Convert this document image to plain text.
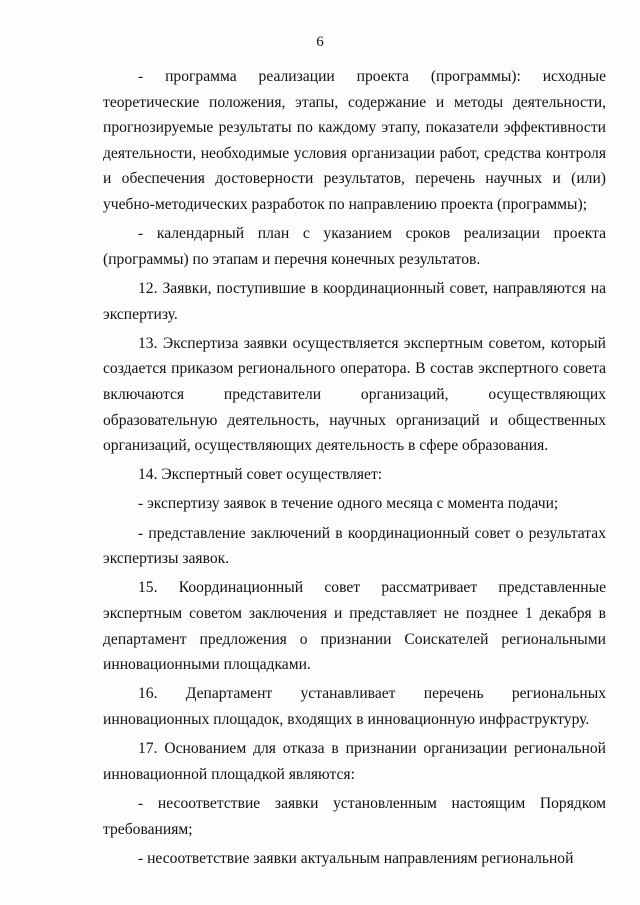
6

- программа реализации проекта (программы): исходные теоретические положения, этапы, содержание и методы деятельности, прогнозируемые результаты по каждому этапу, показатели эффективности деятельности, необходимые условия организации работ, средства контроля и обеспечения достоверности результатов, перечень научных и (или) учебно-методических разработок по направлению проекта (программы);

- календарный план с указанием сроков реализации проекта (программы) по этапам и перечня конечных результатов.

12. Заявки, поступившие в координационный совет, направляются на экспертизу.

13. Экспертиза заявки осуществляется экспертным советом, который создается приказом регионального оператора. В состав экспертного совета включаются представители организаций, осуществляющих образовательную деятельность, научных организаций и общественных организаций, осуществляющих деятельность в сфере образования.

14. Экспертный совет осуществляет:

- экспертизу заявок в течение одного месяца с момента подачи;

- представление заключений в координационный совет о результатах экспертизы заявок.

15. Координационный совет рассматривает представленные экспертным советом заключения и представляет не позднее 1 декабря в департамент предложения о признании Соискателей региональными инновационными площадками.

16. Департамент устанавливает перечень региональных инновационных площадок, входящих в инновационную инфраструктуру.

17. Основанием для отказа в признании организации региональной инновационной площадкой являются:

- несоответствие заявки установленным настоящим Порядком требованиям;

- несоответствие заявки актуальным направлениям региональной
